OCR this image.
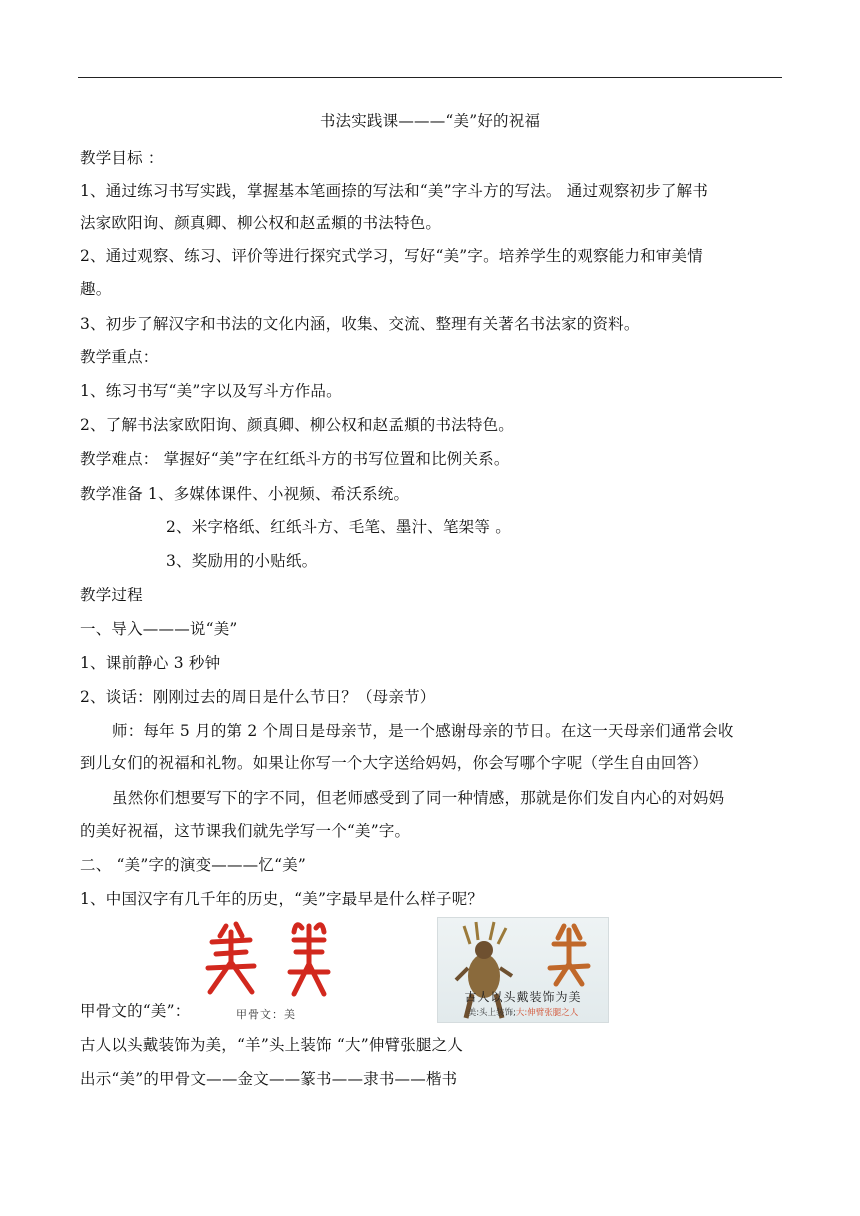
书法实践课———“美”好的祝福
教学目标 ：
1、通过练习书写实践，掌握基本笔画捺的写法和“美”字斗方的写法。 通过观察初步了解书
法家欧阳询、颜真卿、柳公权和赵孟頫的书法特色。
2、通过观察、练习、评价等进行探究式学习，写好“美”字。培养学生的观察能力和审美情
趣。
3、初步了解汉字和书法的文化内涵，收集、交流、整理有关著名书法家的资料。
教学重点：
1、练习书写“美”字以及写斗方作品。
2、了解书法家欧阳询、颜真卿、柳公权和赵孟頫的书法特色。
教学难点： 掌握好“美”字在红纸斗方的书写位置和比例关系。
教学准备 1、多媒体课件、小视频、希沃系统。
2、米字格纸、红纸斗方、毛笔、墨汁、笔架等 。
3、奖励用的小贴纸。
教学过程
一、导入———说“美”
1、课前静心 3 秒钟
2、谈话：刚刚过去的周日是什么节日？（母亲节）
师：每年 5 月的第 2 个周日是母亲节，是一个感谢母亲的节日。在这一天母亲们通常会收
到儿女们的祝福和礼物。如果让你写一个大字送给妈妈，你会写哪个字呢（学生自由回答）
虽然你们想要写下的字不同，但老师感受到了同一种情感，那就是你们发自内心的对妈妈
的美好祝福，这节课我们就先学写一个“美”字。
二、 “美”字的演变———忆“美”
1、中国汉字有几千年的历史，“美”字最早是什么样子呢？
甲骨文：美
古人以头戴装饰为美
美:头上装饰;大:伸臂张腿之人
甲骨文的“美”：
古人以头戴装饰为美，“羊”头上装饰 “大”伸臂张腿之人
出示“美”的甲骨文——金文——篆书——隶书——楷书
